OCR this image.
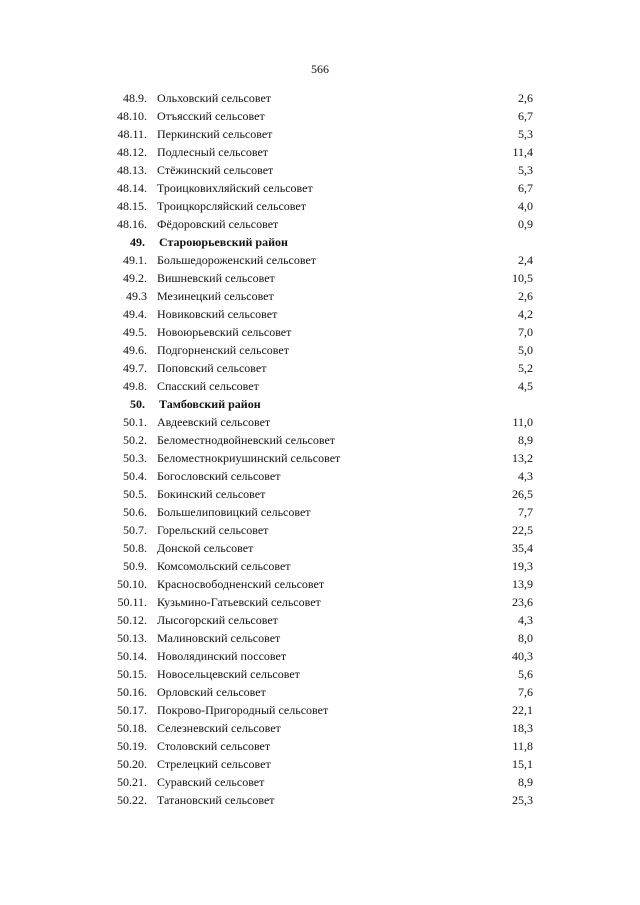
566
48.9. Ольховский сельсовет	2,6
48.10. Отъясский сельсовет	6,7
48.11. Перкинский сельсовет	5,3
48.12. Подлесный сельсовет	11,4
48.13. Стёжинский сельсовет	5,3
48.14. Троицковихляйский сельсовет	6,7
48.15. Троицкорсляйский сельсовет	4,0
48.16. Фёдоровский сельсовет	0,9
49. Староюрьевский район
49.1. Большедороженский сельсовет	2,4
49.2. Вишневский сельсовет	10,5
49.3 Мезинецкий сельсовет	2,6
49.4. Новиковский сельсовет	4,2
49.5. Новоюрьевский сельсовет	7,0
49.6. Подгорненский сельсовет	5,0
49.7. Поповский сельсовет	5,2
49.8. Спасский сельсовет	4,5
50. Тамбовский район
50.1. Авдеевский сельсовет	11,0
50.2. Беломестнодвойневский сельсовет	8,9
50.3. Беломестнокриушинский сельсовет	13,2
50.4. Богословский сельсовет	4,3
50.5. Бокинский сельсовет	26,5
50.6. Большелиповицкий сельсовет	7,7
50.7. Горельский сельсовет	22,5
50.8. Донской сельсовет	35,4
50.9. Комсомольский сельсовет	19,3
50.10. Красносвободненский сельсовет	13,9
50.11. Кузьмино-Гатьевский сельсовет	23,6
50.12. Лысогорский сельсовет	4,3
50.13. Малиновский сельсовет	8,0
50.14. Новолядинский поссовет	40,3
50.15. Новосельцевский сельсовет	5,6
50.16. Орловский сельсовет	7,6
50.17. Покрово-Пригородный сельсовет	22,1
50.18. Селезневский сельсовет	18,3
50.19. Столовский сельсовет	11,8
50.20. Стрелецкий сельсовет	15,1
50.21. Суравский сельсовет	8,9
50.22. Татановский сельсовет	25,3
